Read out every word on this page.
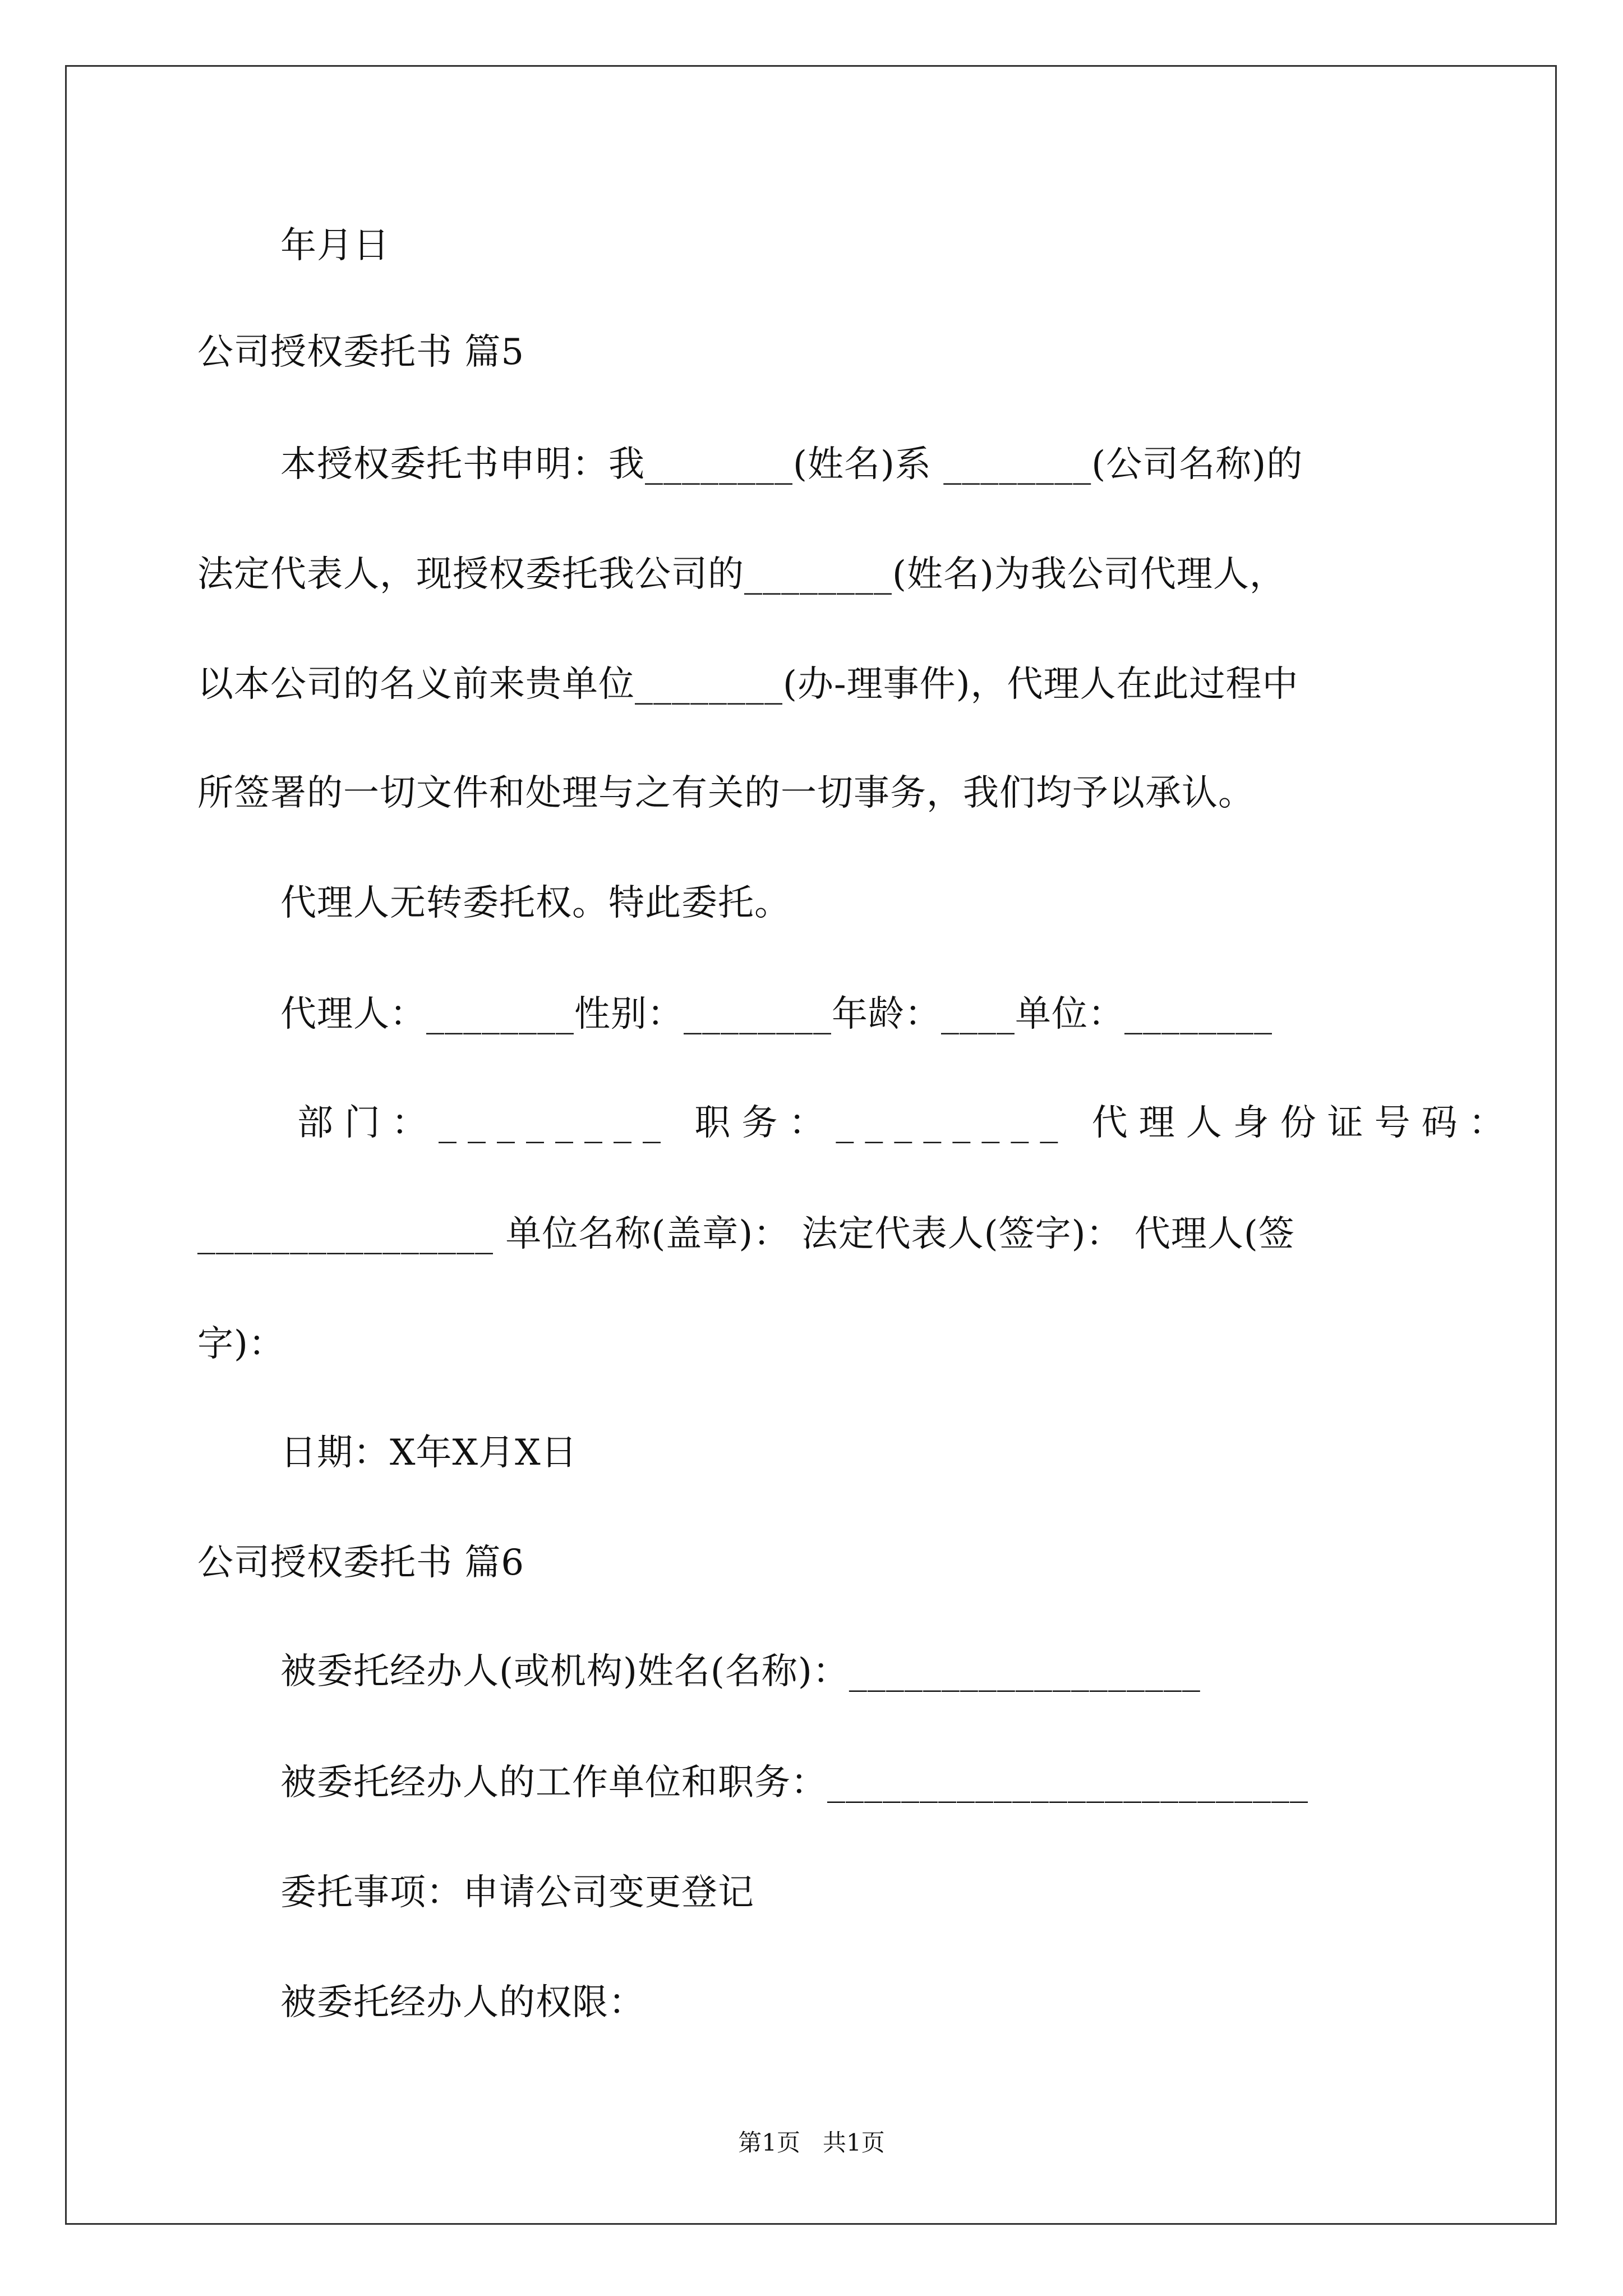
年月日
公司授权委托书 篇5
本授权委托书申明：我________(姓名)系 ________(公司名称)的
法定代表人，现授权委托我公司的________(姓名)为我公司代理人，
以本公司的名义前来贵单位________(办-理事件)，代理人在此过程中
所签署的一切文件和处理与之有关的一切事务，我们均予以承认。
代理人无转委托权。特此委托。
代理人：________性别：________年龄：____单位：________
部门：________ 职务：________ 代理人身份证号码：
________________ 单位名称(盖章)： 法定代表人(签字)： 代理人(签
字)：
日期：X年X月X日
公司授权委托书 篇6
被委托经办人(或机构)姓名(名称)：___________________
被委托经办人的工作单位和职务：__________________________
委托事项：申请公司变更登记
被委托经办人的权限：
第1页   共1页
